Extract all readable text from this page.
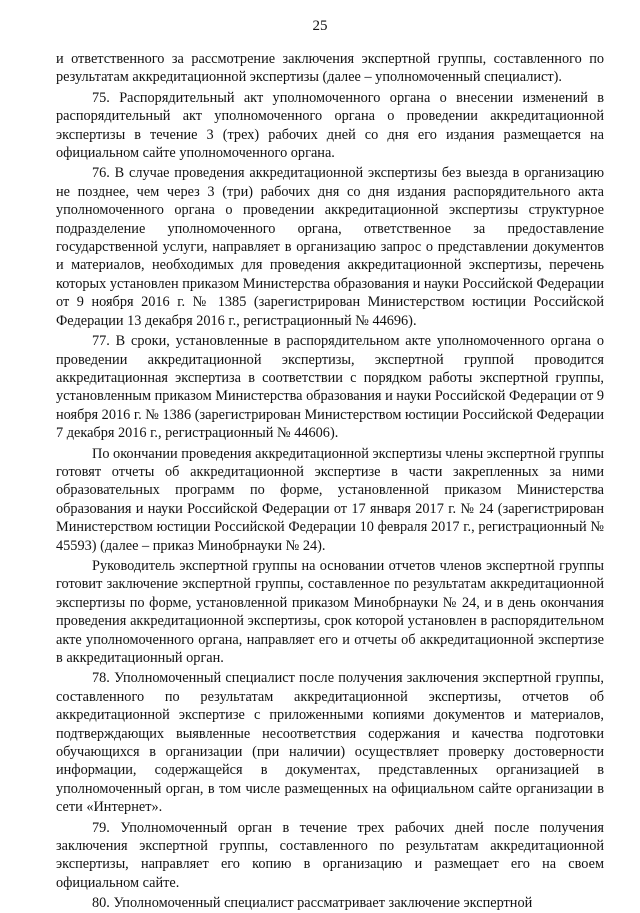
25

и ответственного за рассмотрение заключения экспертной группы, составленного по результатам аккредитационной экспертизы (далее – уполномоченный специалист).

75. Распорядительный акт уполномоченного органа о внесении изменений в распорядительный акт уполномоченного органа о проведении аккредитационной экспертизы в течение 3 (трех) рабочих дней со дня его издания размещается на официальном сайте уполномоченного органа.

76. В случае проведения аккредитационной экспертизы без выезда в организацию не позднее, чем через 3 (три) рабочих дня со дня издания распорядительного акта уполномоченного органа о проведении аккредитационной экспертизы структурное подразделение уполномоченного органа, ответственное за предоставление государственной услуги, направляет в организацию запрос о представлении документов и материалов, необходимых для проведения аккредитационной экспертизы, перечень которых установлен приказом Министерства образования и науки Российской Федерации от 9 ноября 2016 г. № 1385 (зарегистрирован Министерством юстиции Российской Федерации 13 декабря 2016 г., регистрационный № 44696).

77. В сроки, установленные в распорядительном акте уполномоченного органа о проведении аккредитационной экспертизы, экспертной группой проводится аккредитационная экспертиза в соответствии с порядком работы экспертной группы, установленным приказом Министерства образования и науки Российской Федерации от 9 ноября 2016 г. № 1386 (зарегистрирован Министерством юстиции Российской Федерации 7 декабря 2016 г., регистрационный № 44606).

По окончании проведения аккредитационной экспертизы члены экспертной группы готовят отчеты об аккредитационной экспертизе в части закрепленных за ними образовательных программ по форме, установленной приказом Министерства образования и науки Российской Федерации от 17 января 2017 г. № 24 (зарегистрирован Министерством юстиции Российской Федерации 10 февраля 2017 г., регистрационный № 45593) (далее – приказ Минобрнауки № 24).

Руководитель экспертной группы на основании отчетов членов экспертной группы готовит заключение экспертной группы, составленное по результатам аккредитационной экспертизы по форме, установленной приказом Минобрнауки № 24, и в день окончания проведения аккредитационной экспертизы, срок которой установлен в распорядительном акте уполномоченного органа, направляет его и отчеты об аккредитационной экспертизе в аккредитационный орган.

78. Уполномоченный специалист после получения заключения экспертной группы, составленного по результатам аккредитационной экспертизы, отчетов об аккредитационной экспертизе с приложенными копиями документов и материалов, подтверждающих выявленные несоответствия содержания и качества подготовки обучающихся в организации (при наличии) осуществляет проверку достоверности информации, содержащейся в документах, представленных организацией в уполномоченный орган, в том числе размещенных на официальном сайте организации в сети «Интернет».

79. Уполномоченный орган в течение трех рабочих дней после получения заключения экспертной группы, составленного по результатам аккредитационной экспертизы, направляет его копию в организацию и размещает его на своем официальном сайте.

80. Уполномоченный специалист рассматривает заключение экспертной
